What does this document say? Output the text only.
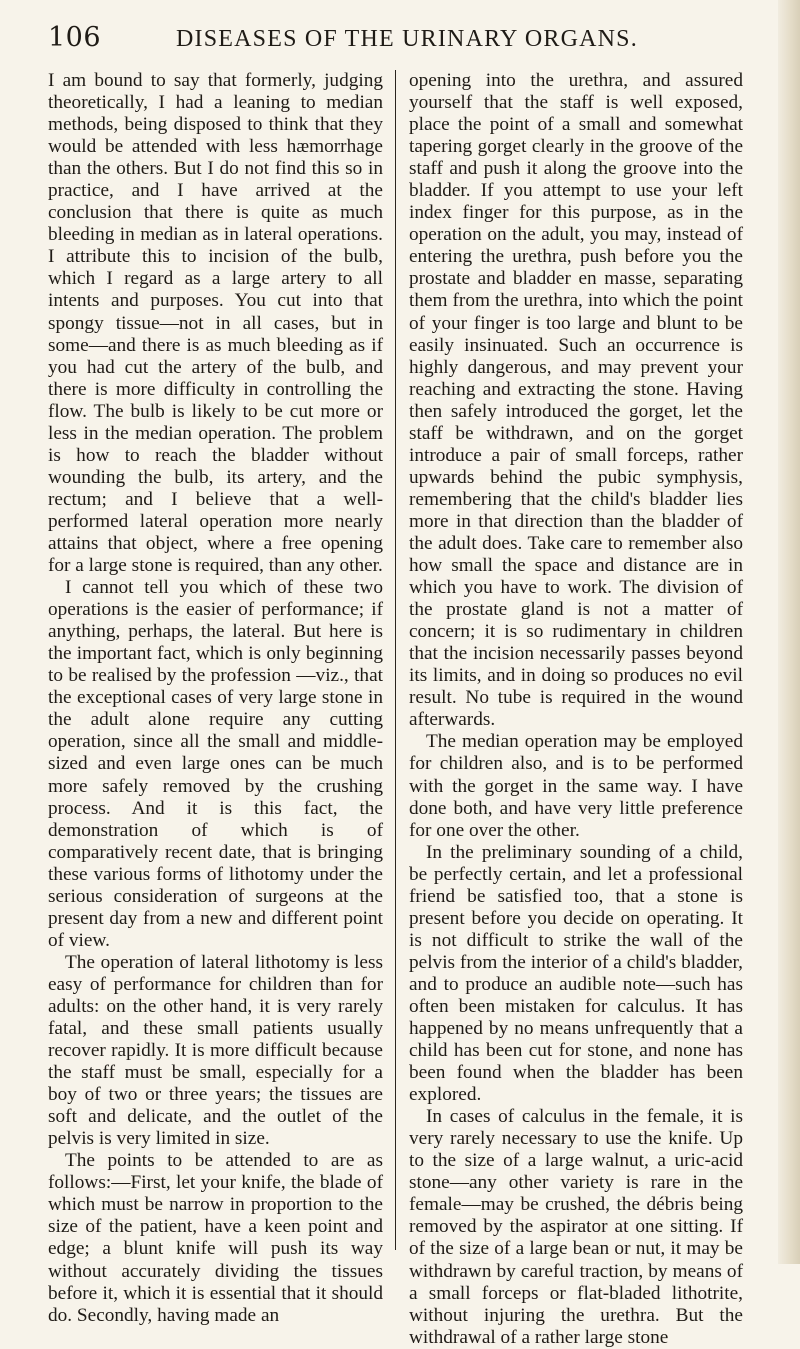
106	DISEASES OF THE URINARY ORGANS.

I am bound to say that formerly, judging theoretically, I had a leaning to median methods, being disposed to think that they would be attended with less hæmorrhage than the others. But I do not find this so in practice, and I have arrived at the conclusion that there is quite as much bleeding in median as in lateral operations. I attribute this to incision of the bulb, which I regard as a large artery to all intents and purposes. You cut into that spongy tissue—not in all cases, but in some—and there is as much bleeding as if you had cut the artery of the bulb, and there is more difficulty in controlling the flow. The bulb is likely to be cut more or less in the median operation. The problem is how to reach the bladder without wounding the bulb, its artery, and the rectum; and I believe that a well-performed lateral operation more nearly attains that object, where a free opening for a large stone is required, than any other.

I cannot tell you which of these two operations is the easier of performance; if anything, perhaps, the lateral. But here is the important fact, which is only beginning to be realised by the profession —viz., that the exceptional cases of very large stone in the adult alone require any cutting operation, since all the small and middle-sized and even large ones can be much more safely removed by the crushing process. And it is this fact, the demonstration of which is of comparatively recent date, that is bringing these various forms of lithotomy under the serious consideration of surgeons at the present day from a new and different point of view.

The operation of lateral lithotomy is less easy of performance for children than for adults: on the other hand, it is very rarely fatal, and these small patients usually recover rapidly. It is more difficult because the staff must be small, especially for a boy of two or three years; the tissues are soft and delicate, and the outlet of the pelvis is very limited in size.

The points to be attended to are as follows:—First, let your knife, the blade of which must be narrow in proportion to the size of the patient, have a keen point and edge; a blunt knife will push its way without accurately dividing the tissues before it, which it is essential that it should do. Secondly, having made an

opening into the urethra, and assured yourself that the staff is well exposed, place the point of a small and somewhat tapering gorget clearly in the groove of the staff and push it along the groove into the bladder. If you attempt to use your left index finger for this purpose, as in the operation on the adult, you may, instead of entering the urethra, push before you the prostate and bladder en masse, separating them from the urethra, into which the point of your finger is too large and blunt to be easily insinuated. Such an occurrence is highly dangerous, and may prevent your reaching and extracting the stone. Having then safely introduced the gorget, let the staff be withdrawn, and on the gorget introduce a pair of small forceps, rather upwards behind the pubic symphysis, remembering that the child's bladder lies more in that direction than the bladder of the adult does. Take care to remember also how small the space and distance are in which you have to work. The division of the prostate gland is not a matter of concern; it is so rudimentary in children that the incision necessarily passes beyond its limits, and in doing so produces no evil result. No tube is required in the wound afterwards.

The median operation may be employed for children also, and is to be performed with the gorget in the same way. I have done both, and have very little preference for one over the other.

In the preliminary sounding of a child, be perfectly certain, and let a professional friend be satisfied too, that a stone is present before you decide on operating. It is not difficult to strike the wall of the pelvis from the interior of a child's bladder, and to produce an audible note—such has often been mistaken for calculus. It has happened by no means unfrequently that a child has been cut for stone, and none has been found when the bladder has been explored.

In cases of calculus in the female, it is very rarely necessary to use the knife. Up to the size of a large walnut, a uric-acid stone—any other variety is rare in the female—may be crushed, the débris being removed by the aspirator at one sitting. If of the size of a large bean or nut, it may be withdrawn by careful traction, by means of a small forceps or flat-bladed lithotrite, without injuring the urethra. But the withdrawal of a rather large stone
